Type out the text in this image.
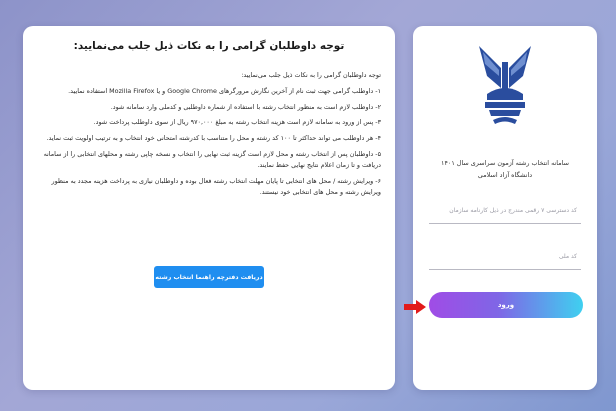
توجه داوطلبان گرامی را به نکات ذیل جلب می‌نمایید:

توجه داوطلبان گرامی را به نکات ذیل جلب می‌نمایید:

۱- داوطلب گرامی جهت ثبت نام از آخرین نگارش مرورگرهای Google Chrome و یا Mozilla Firefox استفاده نمایید.

۲- داوطلب لازم است به منظور انتخاب رشته با استفاده از شماره داوطلبی و کدملی وارد سامانه شود.

۳- پس از ورود به سامانه لازم است هزینه انتخاب رشته به مبلغ ۹۷۰,۰۰۰ ریال از سوی داوطلب پرداخت شود.

۴- هر داوطلب می تواند حداکثر تا ۱۰۰ کد رشته و محل را متناسب با کدرشته امتحانی خود انتخاب و به ترتیب اولویت ثبت نماید.

۵- داوطلبان پس از انتخاب رشته و محل لازم است گزینه ثبت نهایی را انتخاب و نسخه چاپی رشته و محلهای انتخابی را از سامانه دریافت و تا زمان اعلام نتایج نهایی حفظ نمایند.

۶- ویرایش رشته / محل های انتخابی تا پایان مهلت انتخاب رشته فعال بوده و داوطلبان نیازی به پرداخت هزینه مجدد به منظور ویرایش رشته و محل های انتخابی خود نیستند.

دریافت دفترچه راهنما انتخاب رشته
سامانه انتخاب رشته آزمون سراسری سال ۱۴۰۱
دانشگاه آزاد اسلامی
کد دسترسی ۷ رقمی مندرج در ذیل کارنامه سازمان
کد ملی
ورود
